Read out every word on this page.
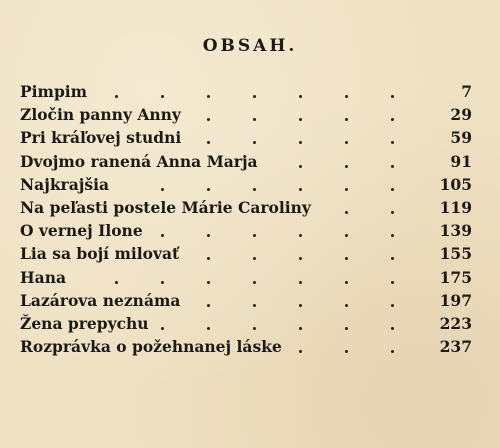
OBSAH.
Pimpim	7
Zločin panny Anny	29
Pri kráľovej studni	59
Dvojmo ranená Anna Marja	91
Najkrajšia	105
Na peľasti postele Márie Caroliny	119
O vernej Ilone	139
Lia sa bojí milovať	155
Hana	175
Lazárova neznáma	197
Žena prepychu	223
Rozprávka o požehnanej láske	237
